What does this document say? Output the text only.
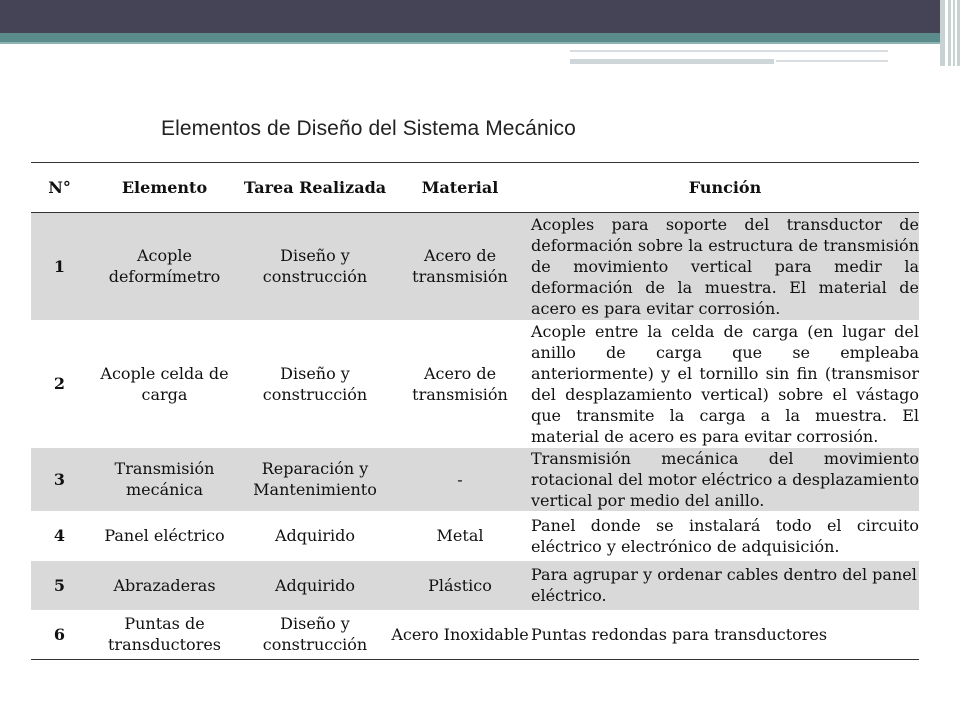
Elementos de Diseño del Sistema Mecánico
N°	Elemento	Tarea Realizada	Material	Función
1	Acople deformímetro	Diseño y construcción	Acero de transmisión	Acoples para soporte del transductor de deformación sobre la estructura de transmisión de movimiento vertical para medir la deformación de la muestra. El material de acero es para evitar corrosión.
2	Acople celda de carga	Diseño y construcción	Acero de transmisión	Acople entre la celda de carga (en lugar del anillo de carga que se empleaba anteriormente) y el tornillo sin fin (transmisor del desplazamiento vertical) sobre el vástago que transmite la carga a la muestra. El material de acero es para evitar corrosión.
3	Transmisión mecánica	Reparación y Mantenimiento	-	Transmisión mecánica del movimiento rotacional del motor eléctrico a desplazamiento vertical por medio del anillo.
4	Panel eléctrico	Adquirido	Metal	Panel donde se instalará todo el circuito eléctrico y electrónico de adquisición.
5	Abrazaderas	Adquirido	Plástico	Para agrupar y ordenar cables dentro del panel eléctrico.
6	Puntas de transductores	Diseño y construcción	Acero Inoxidable	Puntas redondas para transductores
